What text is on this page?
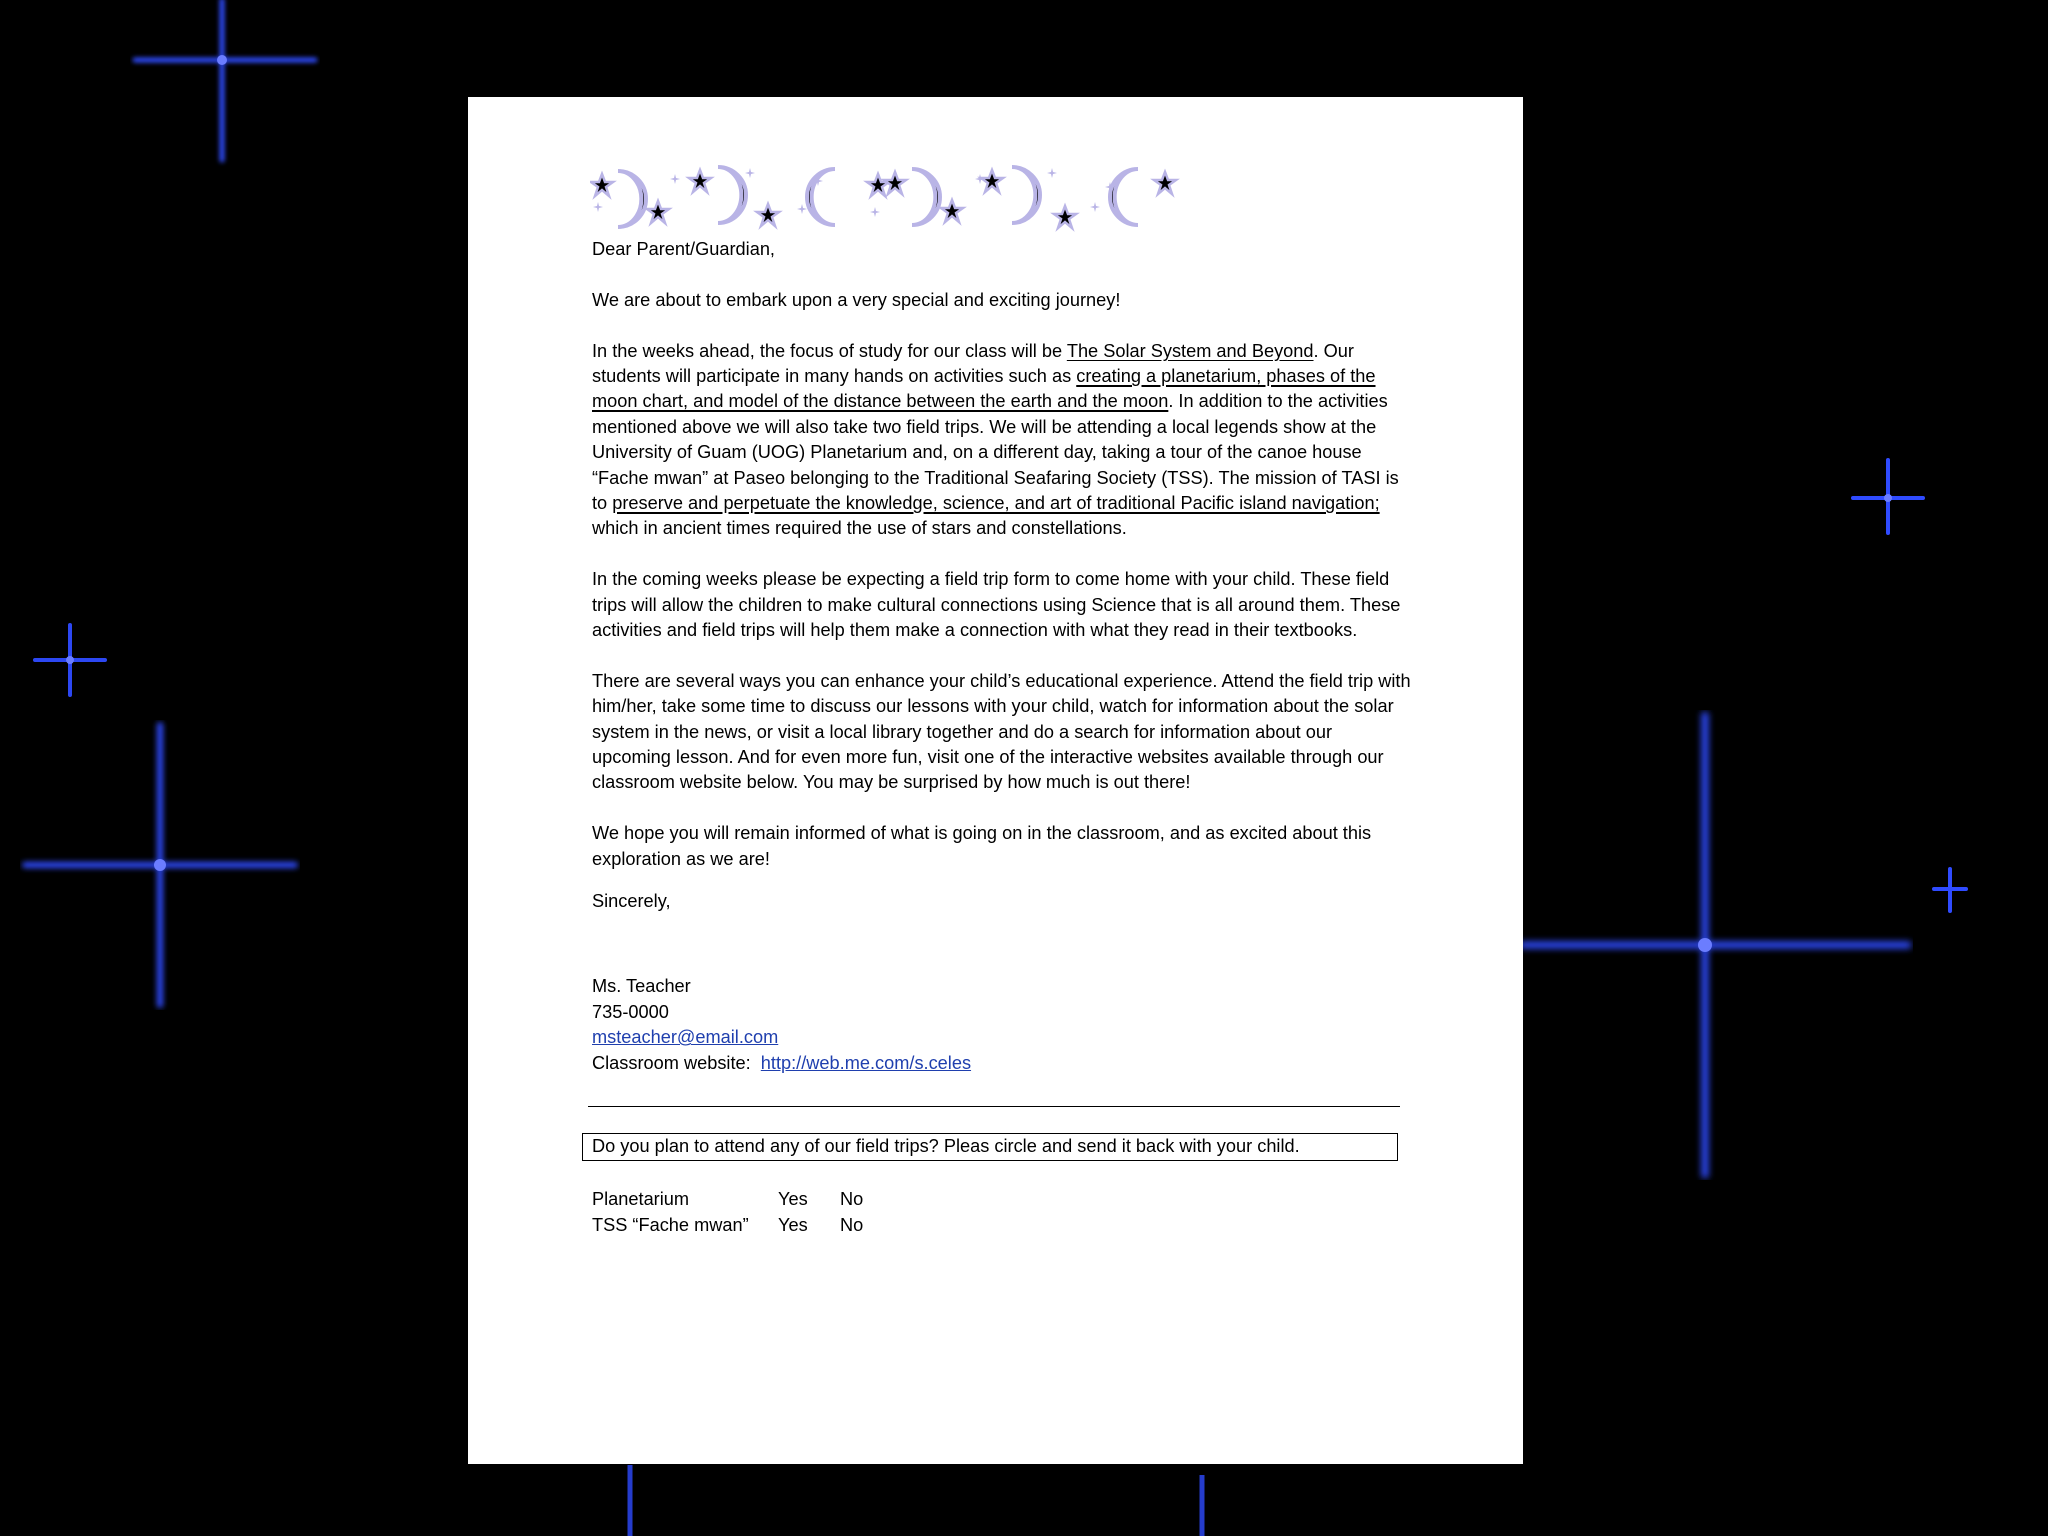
Dear Parent/Guardian,

We are about to embark upon a very special and exciting journey!

In the weeks ahead, the focus of study for our class will be The Solar System and Beyond. Our students will participate in many hands on activities such as creating a planetarium, phases of the moon chart, and model of the distance between the earth and the moon. In addition to the activities mentioned above we will also take two field trips. We will be attending a local legends show at the University of Guam (UOG) Planetarium and, on a different day, taking a tour of the canoe house “Fache mwan” at Paseo belonging to the Traditional Seafaring Society (TSS). The mission of TASI is to preserve and perpetuate the knowledge, science, and art of traditional Pacific island navigation; which in ancient times required the use of stars and constellations.

In the coming weeks please be expecting a field trip form to come home with your child. These field trips will allow the children to make cultural connections using Science that is all around them. These activities and field trips will help them make a connection with what they read in their textbooks.

There are several ways you can enhance your child’s educational experience. Attend the field trip with him/her, take some time to discuss our lessons with your child, watch for information about the solar system in the news, or visit a local library together and do a search for information about our upcoming lesson. And for even more fun, visit one of the interactive websites available through our classroom website below. You may be surprised by how much is out there!

We hope you will remain informed of what is going on in the classroom, and as excited about this exploration as we are!

Sincerely,

Ms. Teacher

735-0000

msteacher@email.com

Classroom website:  http://web.me.com/s.celes

Do you plan to attend any of our field trips? Pleas circle and send it back with your child.
Planetarium	Yes	No
TSS “Fache mwan”	Yes	No
